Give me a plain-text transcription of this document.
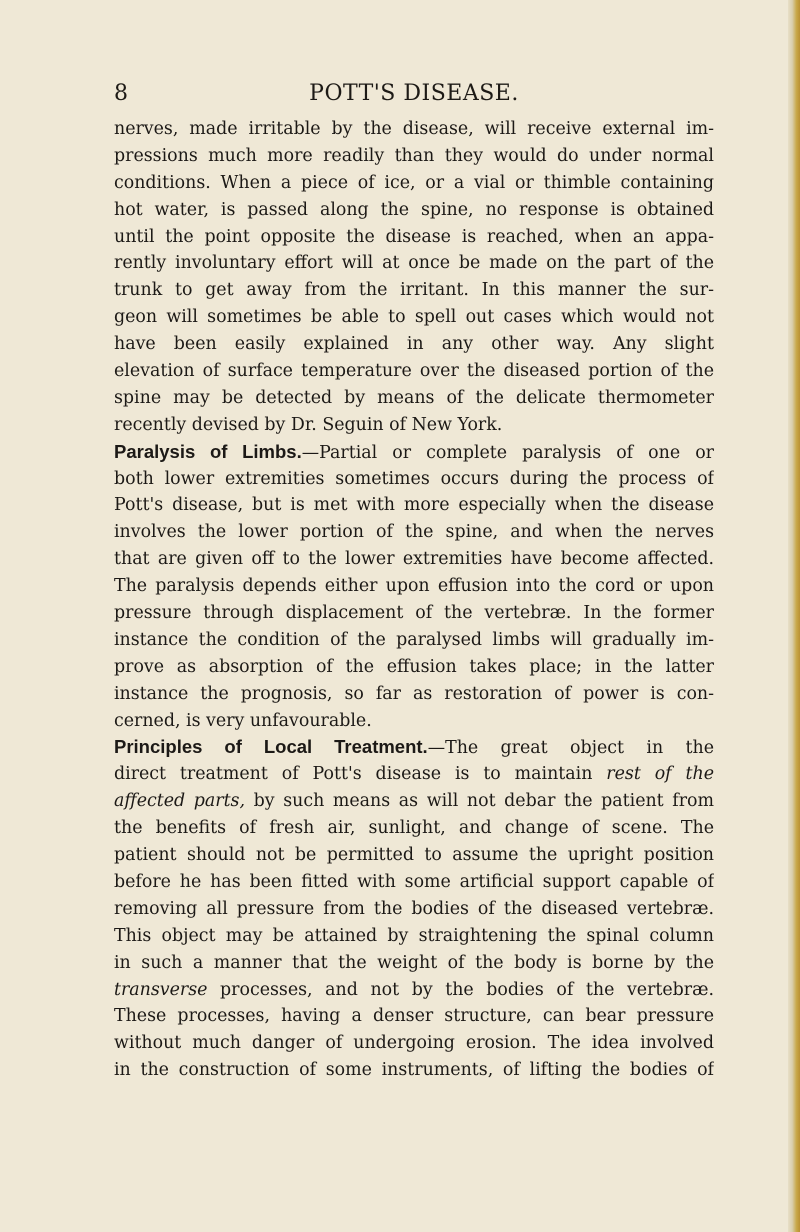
8	POTT'S DISEASE.
nerves, made irritable by the disease, will receive external im-
pressions much more readily than they would do under normal
conditions. When a piece of ice, or a vial or thimble containing
hot water, is passed along the spine, no response is obtained
until the point opposite the disease is reached, when an appa-
rently involuntary effort will at once be made on the part of the
trunk to get away from the irritant. In this manner the sur-
geon will sometimes be able to spell out cases which would not
have been easily explained in any other way. Any slight
elevation of surface temperature over the diseased portion of the
spine may be detected by means of the delicate thermometer
recently devised by Dr. Seguin of New York.
Paralysis of Limbs.—Partial or complete paralysis of one or
both lower extremities sometimes occurs during the process of
Pott's disease, but is met with more especially when the disease
involves the lower portion of the spine, and when the nerves
that are given off to the lower extremities have become affected.
The paralysis depends either upon effusion into the cord or upon
pressure through displacement of the vertebræ. In the former
instance the condition of the paralysed limbs will gradually im-
prove as absorption of the effusion takes place; in the latter
instance the prognosis, so far as restoration of power is con-
cerned, is very unfavourable.
Principles of Local Treatment.—The great object in the
direct treatment of Pott's disease is to maintain rest of the
affected parts, by such means as will not debar the patient from
the benefits of fresh air, sunlight, and change of scene. The
patient should not be permitted to assume the upright position
before he has been fitted with some artificial support capable of
removing all pressure from the bodies of the diseased vertebræ.
This object may be attained by straightening the spinal column
in such a manner that the weight of the body is borne by the
transverse processes, and not by the bodies of the vertebræ.
These processes, having a denser structure, can bear pressure
without much danger of undergoing erosion. The idea involved
in the construction of some instruments, of lifting the bodies of
